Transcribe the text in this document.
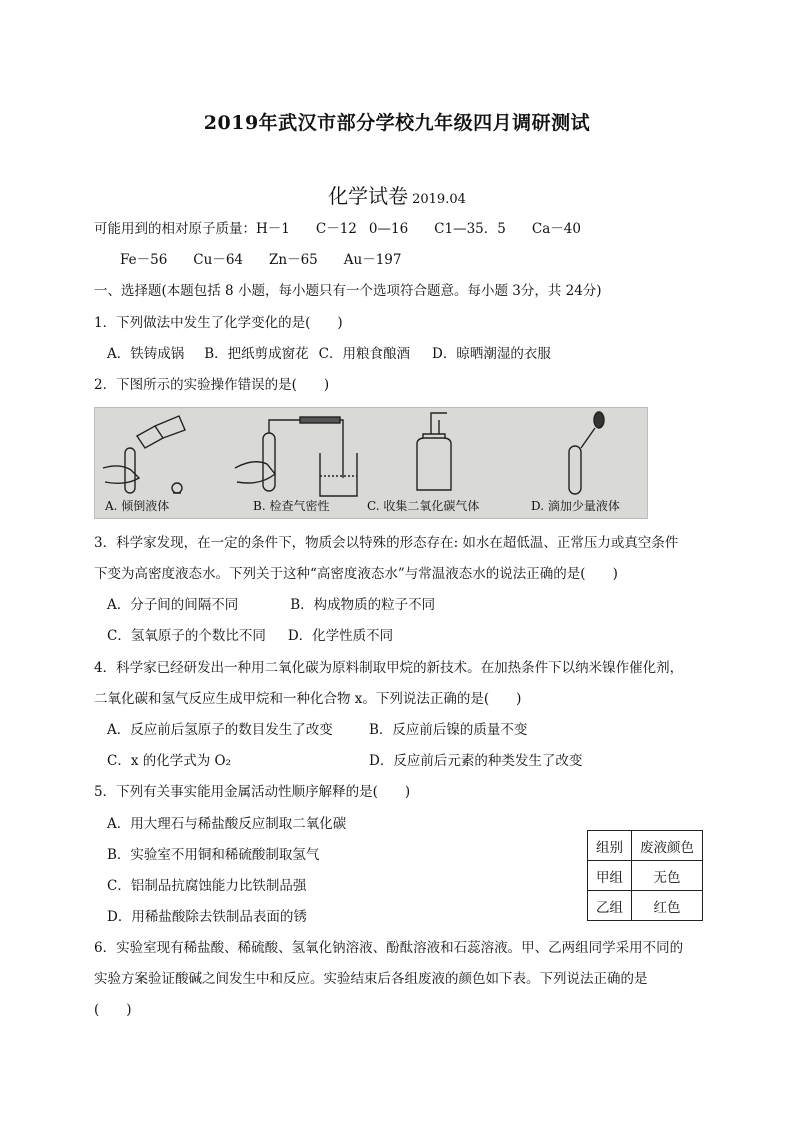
2019年武汉市部分学校九年级四月调研测试
化学试卷 2019.04
可能用到的相对原子质量：H－1 C－12 0—16 C1—35．5 Ca－40
Fe－56 Cu－64 Zn－65 Au－197
一、选择题(本题包括 8 小题，每小题只有一个选项符合题意。每小题 3分，共 24分)
1．下列做法中发生了化学变化的是(　　)
A．铁铸成锅 B．把纸剪成窗花 C．用粮食酿酒 D．晾晒潮湿的衣服
2．下图所示的实验操作错误的是(　　)
A. 倾倒液体	B. 检查气密性	C. 收集二氧化碳气体	D. 滴加少量液体
3．科学家发现，在一定的条件下，物质会以特殊的形态存在: 如水在超低温、正常压力或真空条件
下变为高密度液态水。下列关于这种“高密度液态水”与常温液态水的说法正确的是(　　)
A．分子间的间隔不同	B．构成物质的粒子不同
C．氢氧原子的个数比不同 D．化学性质不同
4．科学家已经研发出一种用二氧化碳为原料制取甲烷的新技术。在加热条件下以纳米镍作催化剂，
二氧化碳和氢气反应生成甲烷和一种化合物 x。下列说法正确的是(　　)
A．反应前后氢原子的数目发生了改变	B．反应前后镍的质量不变
C．x 的化学式为 O₂	D．反应前后元素的种类发生了改变
5．下列有关事实能用金属活动性顺序解释的是(　　)
A．用大理石与稀盐酸反应制取二氧化碳
B．实验室不用铜和稀硫酸制取氢气
C．铝制品抗腐蚀能力比铁制品强
D．用稀盐酸除去铁制品表面的锈
组别	废液颜色
甲组	无色
乙组	红色
6．实验室现有稀盐酸、稀硫酸、氢氧化钠溶液、酚酞溶液和石蕊溶液。甲、乙两组同学采用不同的
实验方案验证酸碱之间发生中和反应。实验结束后各组废液的颜色如下表。下列说法正确的是
(　　)
